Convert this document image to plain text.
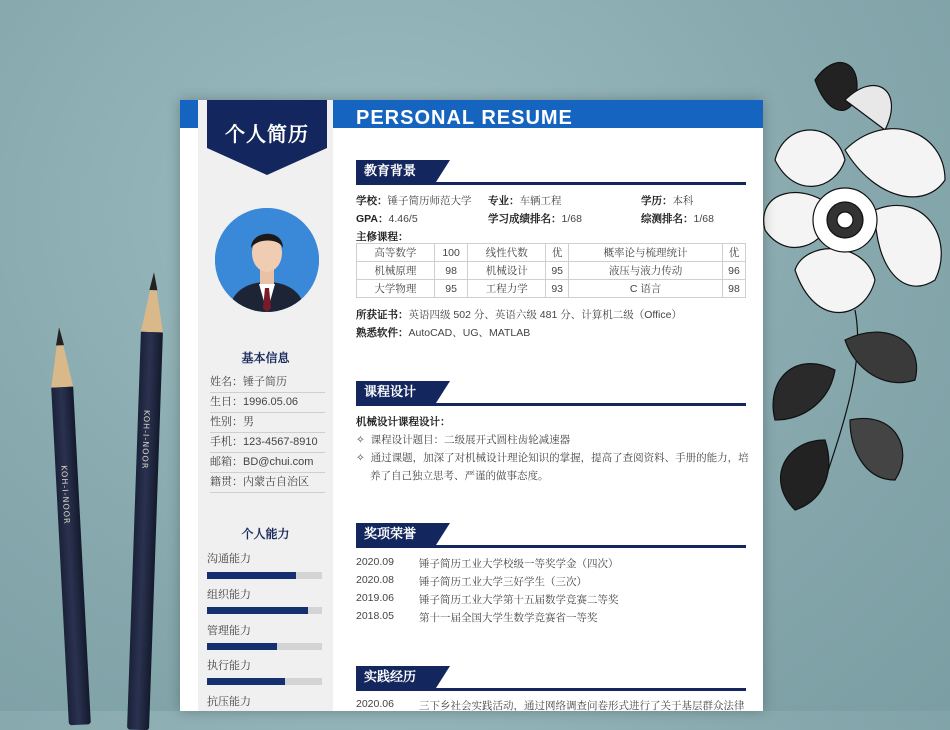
KOH-I-NOOR
KOH-I-NOOR
个人简历
基本信息
姓名：锤子简历
生日：1996.05.06
性别：男
手机：123-4567-8910
邮箱：BD@chui.com
籍贯：内蒙古自治区
个人能力
沟通能力
组织能力
管理能力
执行能力
抗压能力
PERSONAL RESUME
教育背景
学校：锤子简历师范大学 专业：车辆工程	学历：本科
GPA：4.46/5	学习成绩排名：1/68	综测排名：1/68
主修课程：
高等数学	100	线性代数	优	概率论与梳理统计	优
机械原理	98	机械设计	95	液压与液力传动	96
大学物理	95	工程力学	93	C 语言	98
所获证书：英语四级 502 分、英语六级 481 分、计算机二级（Office）
熟悉软件：AutoCAD、UG、MATLAB
课程设计
机械设计课程设计：
✧ 课程设计题目：二级展开式圆柱齿轮减速器
✧ 通过课题，加深了对机械设计理论知识的掌握，提高了查阅资料、手册的能力，培
养了自己独立思考、严谨的做事态度。
奖项荣誉
2020.09 锤子简历工业大学校级一等奖学金（四次）
2020.08 锤子简历工业大学三好学生（三次）
2019.06 锤子简历工业大学第十五届数学竞赛二等奖
2018.05 第十一届全国大学生数学竞赛省一等奖
实践经历
2020.06 三下乡社会实践活动，通过网络调查问卷形式进行了关于基层群众法律
